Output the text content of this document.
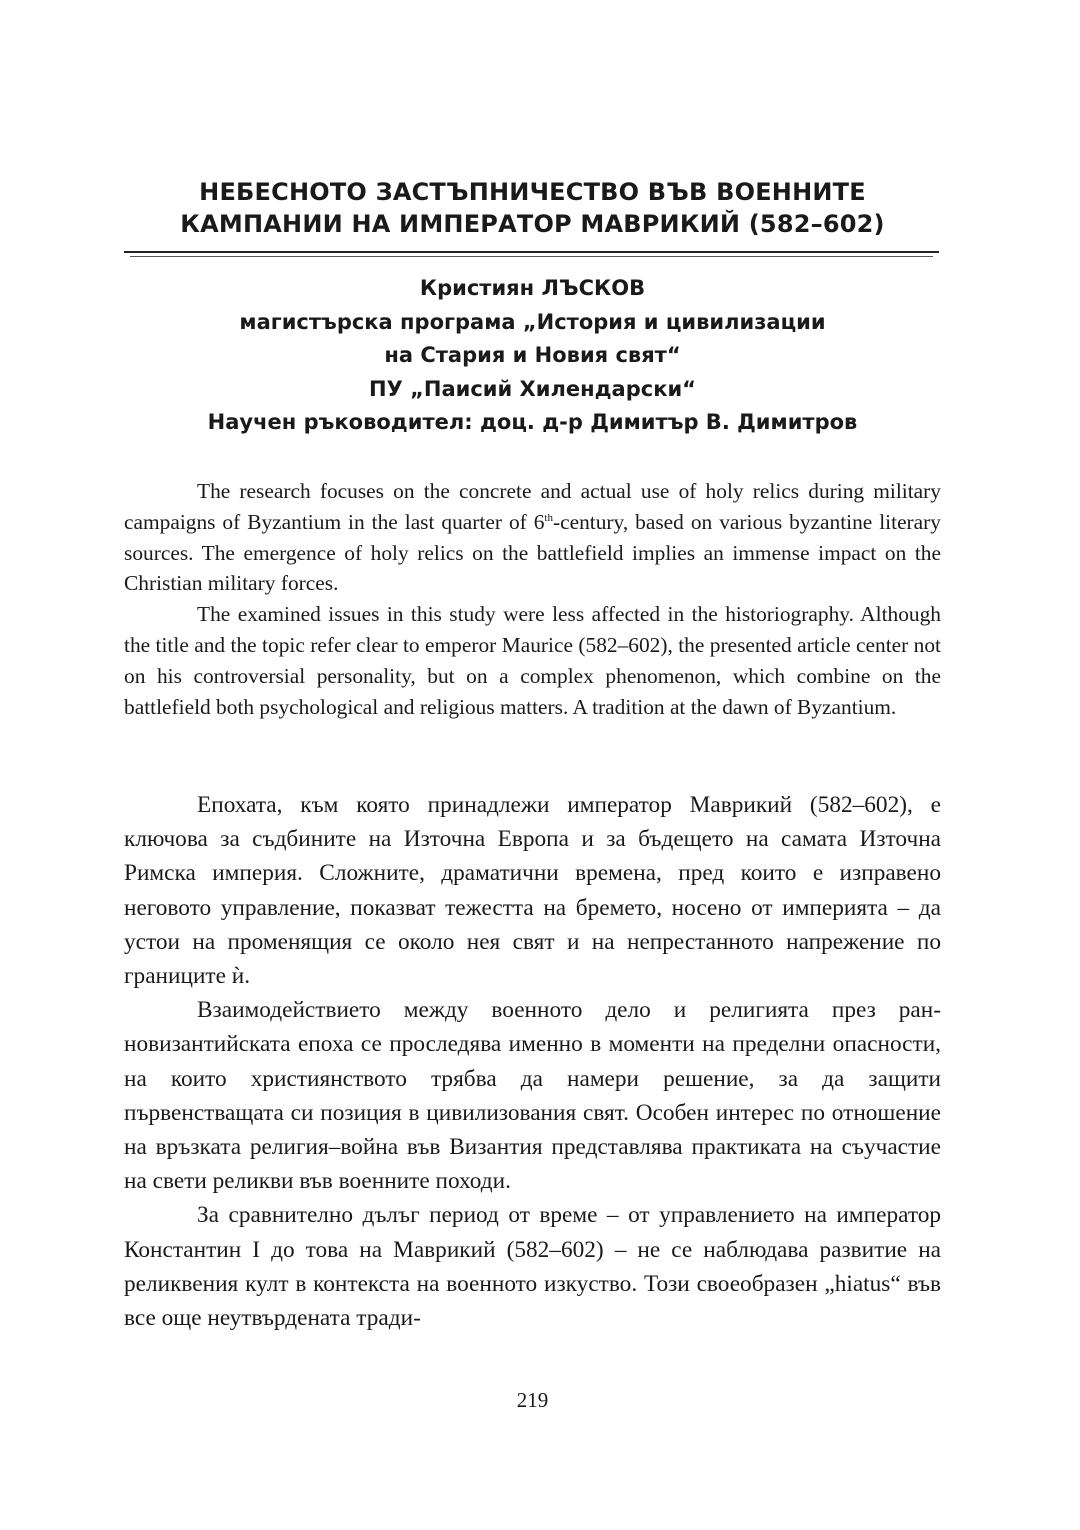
НЕБЕСНОТО ЗАСТЪПНИЧЕСТВО ВЪВ ВОЕННИТЕ
КАМПАНИИ НА ИМПЕРАТОР МАВРИКИЙ (582–602)
Кристиян ЛЪСКОВ
магистърска програма „История и цивилизации
на Стария и Новия свят“
ПУ „Паисий Хилендарски“
Научен ръководител: доц. д-р Димитър В. Димитров

The research focuses on the concrete and actual use of holy relics during military campaigns of Byzantium in the last quarter of 6th-century, based on various byzantine literary sources. The emergence of holy relics on the battlefield implies an immense impact on the Christian military forces.

The examined issues in this study were less affected in the historiography. Although the title and the topic refer clear to emperor Maurice (582–602), the presented article center not on his controversial personality, but on a complex phenomenon, which combine on the battlefield both psychological and religious matters. A tradition at the dawn of Byzantium.

Епохата, към която принадлежи император Маврикий (582–602), е ключова за съдбините на Източна Европа и за бъдещето на самата Източна Римска империя. Сложните, драматични времена, пред които е изправено неговото управление, показват тежестта на бремето, носено от империята – да устои на променящия се около нея свят и на непрестанното напрежение по границите ѝ.

Взаимодействието между военното дело и религията през ранновизантийската епоха се проследява именно в моменти на пределни опасности, на които християнството трябва да намери решение, за да защити първенстващата си позиция в цивилизования свят. Особен интерес по отношение на връзката религия–война във Византия представлява практиката на съучастие на свети реликви във военните походи.

За сравнително дълъг период от време – от управлението на император Константин I до това на Маврикий (582–602) – не се наблюдава развитие на реликвения култ в контекста на военното изкуство. Този своеобразен „hiatus“ във все още неутвърдената тради-

219
